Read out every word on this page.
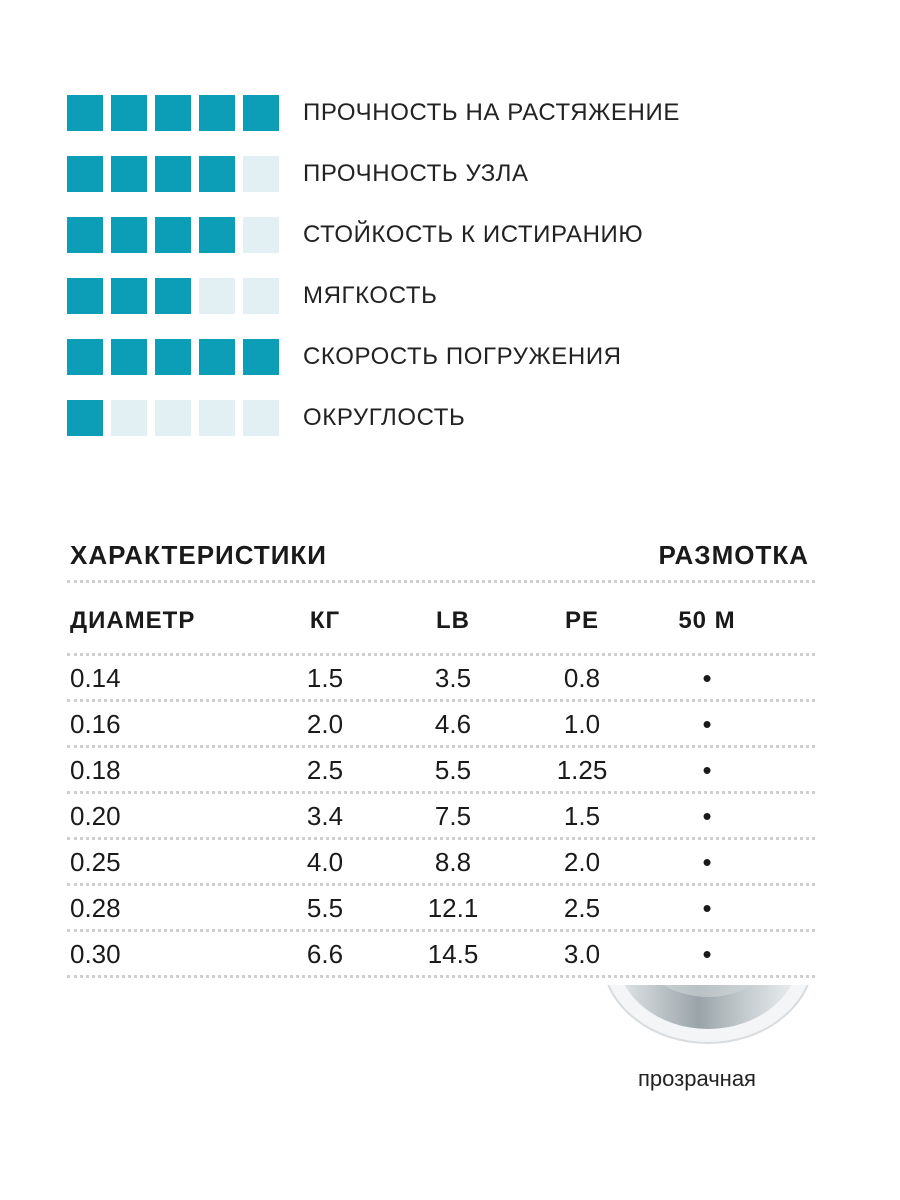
ПРОЧНОСТЬ НА РАСТЯЖЕНИЕ
ПРОЧНОСТЬ УЗЛА
СТОЙКОСТЬ К ИСТИРАНИЮ
МЯГКОСТЬ
СКОРОСТЬ ПОГРУЖЕНИЯ
ОКРУГЛОСТЬ
ХАРАКТЕРИСТИКИ	РАЗМОТКА
ДИАМЕТР	КГ	LB	PE	50 М
0.14	1.5	3.5	0.8	•
0.16	2.0	4.6	1.0	•
0.18	2.5	5.5	1.25	•
0.20	3.4	7.5	1.5	•
0.25	4.0	8.8	2.0	•
0.28	5.5	12.1	2.5	•
0.30	6.6	14.5	3.0	•
прозрачная
